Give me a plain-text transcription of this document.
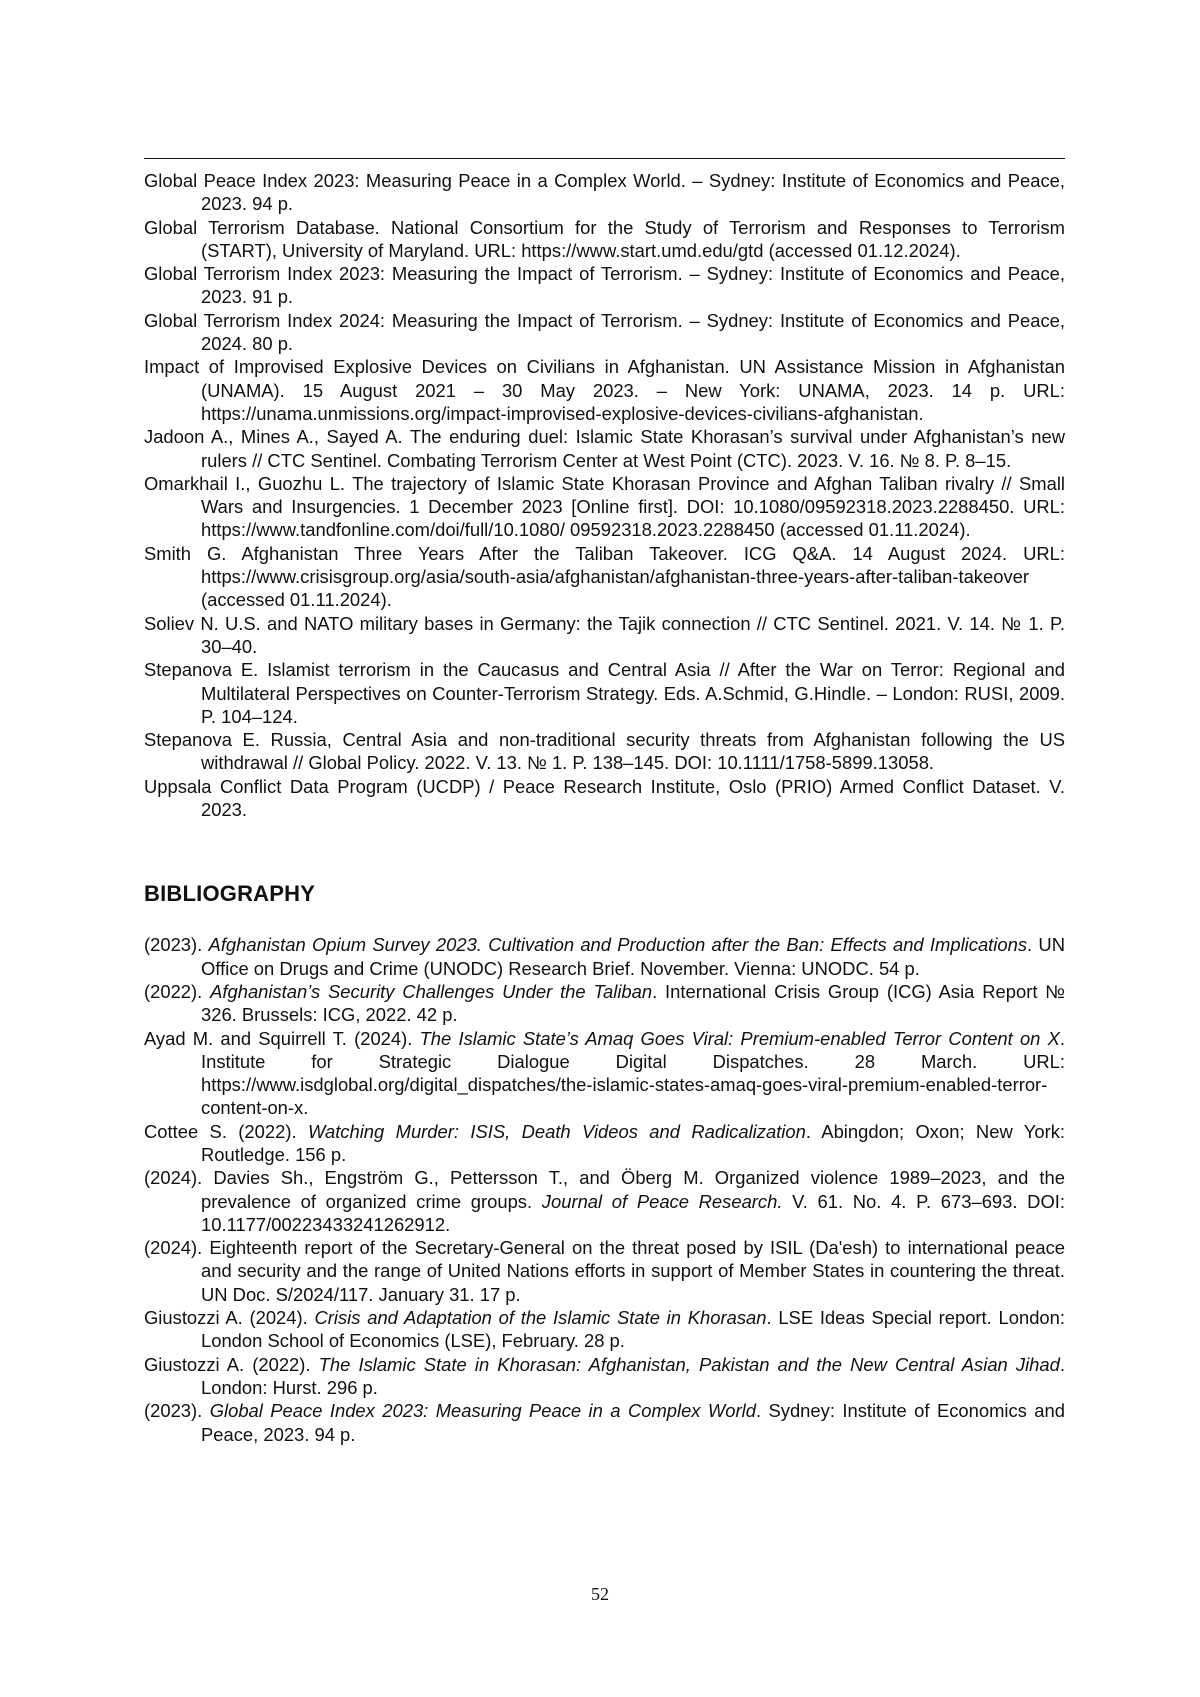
Global Peace Index 2023: Measuring Peace in a Complex World. – Sydney: Institute of Economics and Peace, 2023. 94 p.

Global Terrorism Database. National Consortium for the Study of Terrorism and Responses to Terrorism (START), University of Maryland. URL: https://www.start.umd.edu/gtd (accessed 01.12.2024).

Global Terrorism Index 2023: Measuring the Impact of Terrorism. – Sydney: Institute of Economics and Peace, 2023. 91 p.

Global Terrorism Index 2024: Measuring the Impact of Terrorism. – Sydney: Institute of Economics and Peace, 2024. 80 p.

Impact of Improvised Explosive Devices on Civilians in Afghanistan. UN Assistance Mission in Afghanistan (UNAMA). 15 August 2021 – 30 May 2023. – New York: UNAMA, 2023. 14 p. URL: https://unama.unmissions.org/impact-improvised-explosive-devices-civilians-afghanistan.

Jadoon A., Mines A., Sayed A. The enduring duel: Islamic State Khorasan’s survival under Afghanistan’s new rulers // CTC Sentinel. Combating Terrorism Center at West Point (CTC). 2023. V. 16. № 8. P. 8–15.

Omarkhail I., Guozhu L. The trajectory of Islamic State Khorasan Province and Afghan Taliban rivalry // Small Wars and Insurgencies. 1 December 2023 [Online first]. DOI: 10.1080/09592318.2023.2288450. URL: https://www.tandfonline.com/doi/full/10.1080/ 09592318.2023.2288450 (accessed 01.11.2024).

Smith G. Afghanistan Three Years After the Taliban Takeover. ICG Q&A. 14 August 2024. URL: https://www.crisisgroup.org/asia/south-asia/afghanistan/afghanistan-three-years-after-taliban-takeover (accessed 01.11.2024).

Soliev N. U.S. and NATO military bases in Germany: the Tajik connection // CTC Sentinel. 2021. V. 14. № 1. P. 30–40.

Stepanova E. Islamist terrorism in the Caucasus and Central Asia // After the War on Terror: Regional and Multilateral Perspectives on Counter-Terrorism Strategy. Eds. A.Schmid, G.Hindle. – London: RUSI, 2009. P. 104–124.

Stepanova E. Russia, Central Asia and non-traditional security threats from Afghanistan following the US withdrawal // Global Policy. 2022. V. 13. № 1. P. 138–145. DOI: 10.1111/1758-5899.13058.

Uppsala Conflict Data Program (UCDP) / Peace Research Institute, Oslo (PRIO) Armed Conflict Dataset. V. 2023.

BIBLIOGRAPHY

(2023). Afghanistan Opium Survey 2023. Cultivation and Production after the Ban: Effects and Implications. UN Office on Drugs and Crime (UNODC) Research Brief. November. Vienna: UNODC. 54 p.

(2022). Afghanistan’s Security Challenges Under the Taliban. International Crisis Group (ICG) Asia Report № 326. Brussels: ICG, 2022. 42 p.

Ayad M. and Squirrell T. (2024). The Islamic State’s Amaq Goes Viral: Premium-enabled Terror Content on X. Institute for Strategic Dialogue Digital Dispatches. 28 March. URL: https://www.isdglobal.org/digital_dispatches/the-islamic-states-amaq-goes-viral-premium-enabled-terror-content-on-x.

Cottee S. (2022). Watching Murder: ISIS, Death Videos and Radicalization. Abingdon; Oxon; New York: Routledge. 156 p.

(2024). Davies Sh., Engström G., Pettersson T., and Öberg M. Organized violence 1989–2023, and the prevalence of organized crime groups. Journal of Peace Research. V. 61. No. 4. P. 673–693. DOI: 10.1177/00223433241262912.

(2024). Eighteenth report of the Secretary-General on the threat posed by ISIL (Da'esh) to international peace and security and the range of United Nations efforts in support of Member States in countering the threat. UN Doc. S/2024/117. January 31. 17 p.

Giustozzi A. (2024). Crisis and Adaptation of the Islamic State in Khorasan. LSE Ideas Special report. London: London School of Economics (LSE), February. 28 p.

Giustozzi A. (2022). The Islamic State in Khorasan: Afghanistan, Pakistan and the New Central Asian Jihad. London: Hurst. 296 p.

(2023). Global Peace Index 2023: Measuring Peace in a Complex World. Sydney: Institute of Economics and Peace, 2023. 94 p.

52
